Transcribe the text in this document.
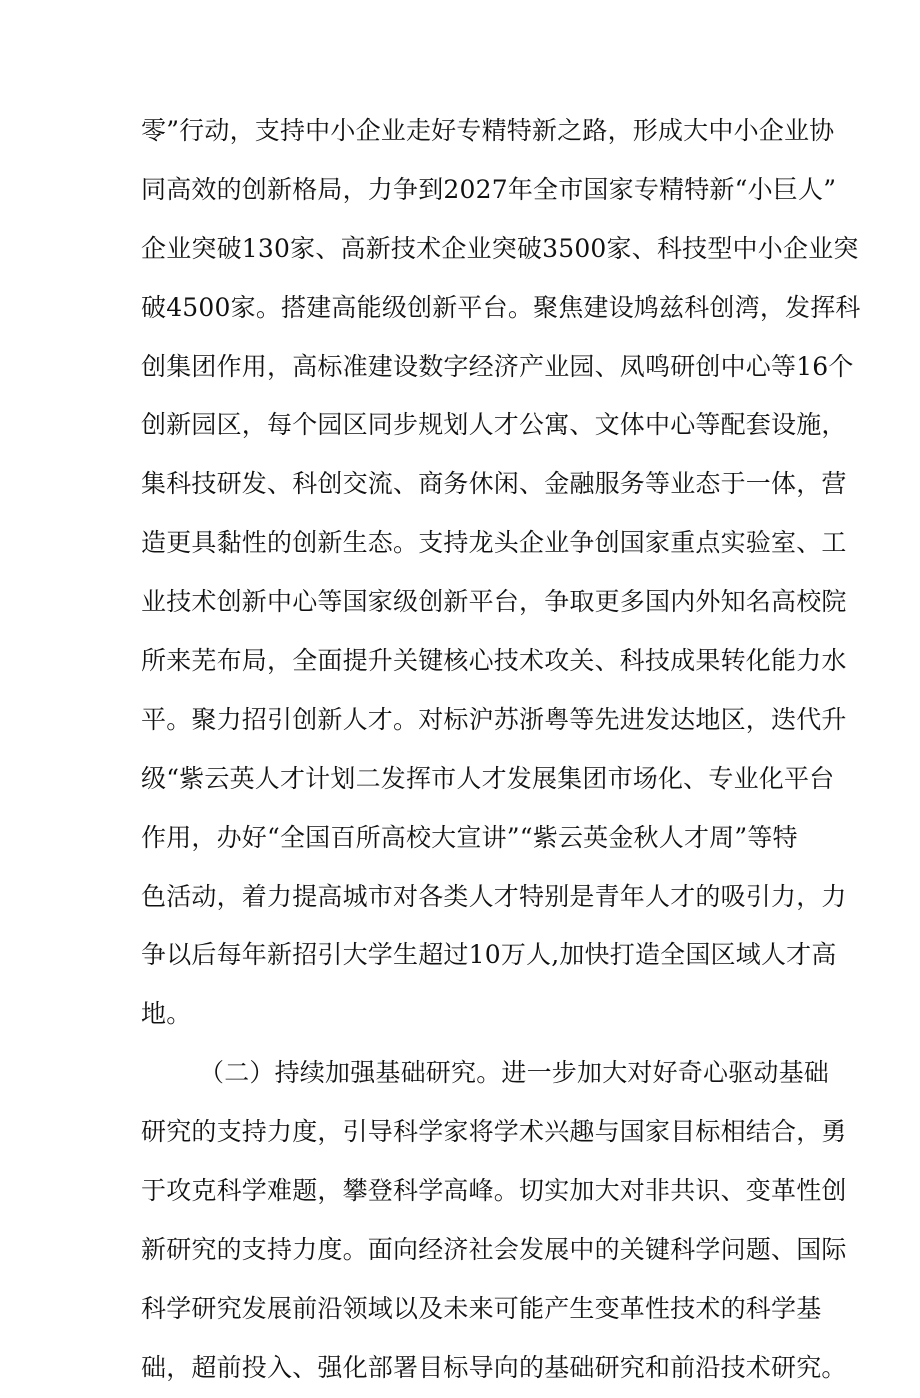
零”行动，支持中小企业走好专精特新之路，形成大中小企业协
同高效的创新格局，力争到2027年全市国家专精特新“小巨人”
企业突破130家、高新技术企业突破3500家、科技型中小企业突
破4500家。搭建高能级创新平台。聚焦建设鸠兹科创湾，发挥科
创集团作用，高标准建设数字经济产业园、凤鸣研创中心等16个
创新园区，每个园区同步规划人才公寓、文体中心等配套设施，
集科技研发、科创交流、商务休闲、金融服务等业态于一体，营
造更具黏性的创新生态。支持龙头企业争创国家重点实验室、工
业技术创新中心等国家级创新平台，争取更多国内外知名高校院
所来芜布局，全面提升关键核心技术攻关、科技成果转化能力水
平。聚力招引创新人才。对标沪苏浙粤等先进发达地区，迭代升
级“紫云英人才计划二发挥市人才发展集团市场化、专业化平台
作用，办好“全国百所高校大宣讲”“紫云英金秋人才周”等特
色活动，着力提高城市对各类人才特别是青年人才的吸引力，力
争以后每年新招引大学生超过10万人,加快打造全国区域人才高
地。
（二）持续加强基础研究。进一步加大对好奇心驱动基础
研究的支持力度，引导科学家将学术兴趣与国家目标相结合，勇
于攻克科学难题，攀登科学高峰。切实加大对非共识、变革性创
新研究的支持力度。面向经济社会发展中的关键科学问题、国际
科学研究发展前沿领域以及未来可能产生变革性技术的科学基
础，超前投入、强化部署目标导向的基础研究和前沿技术研究。
